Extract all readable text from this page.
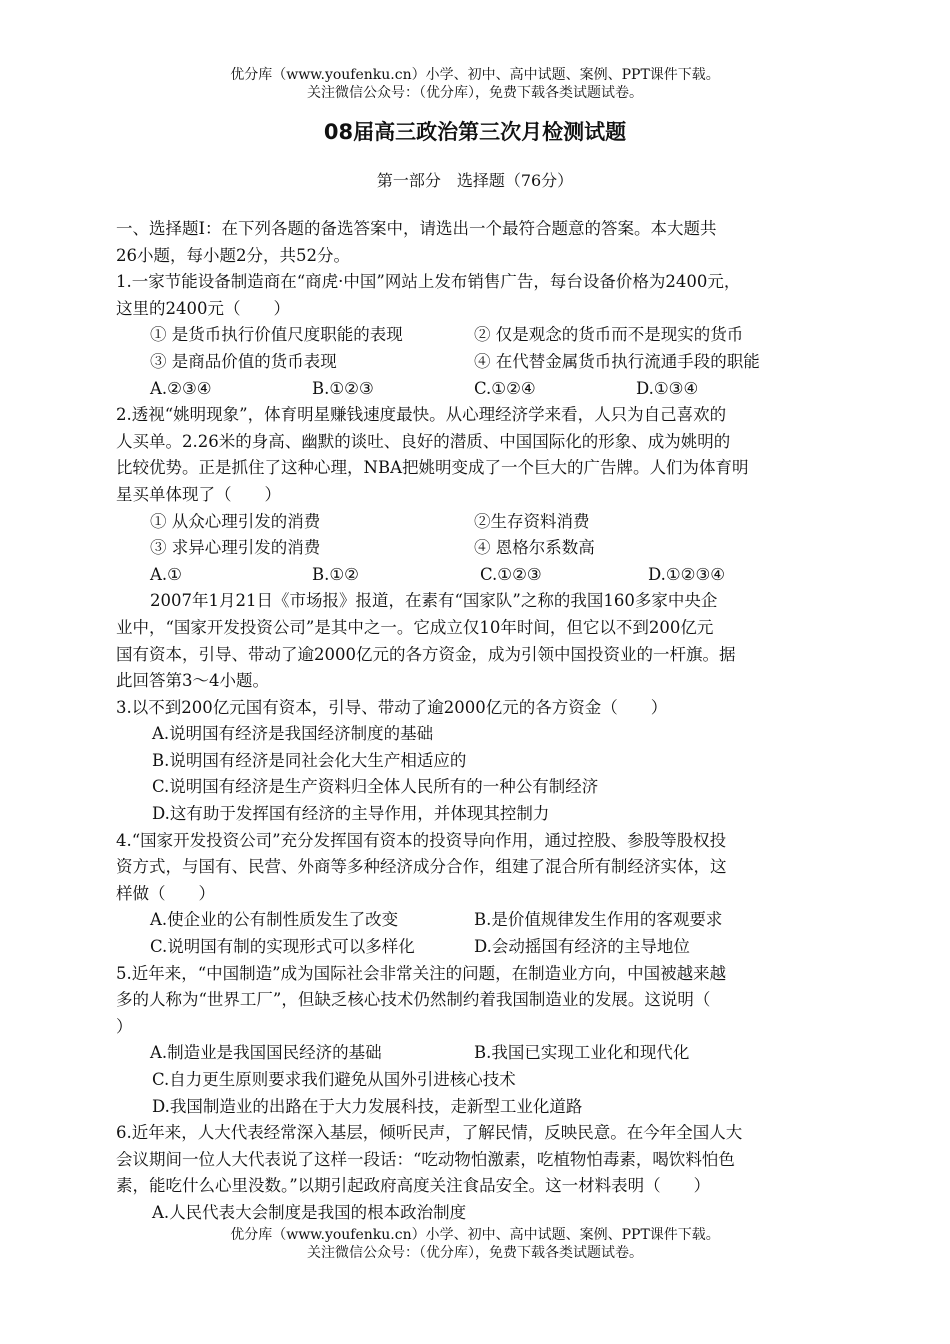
优分库（www.youfenku.cn）小学、初中、高中试题、案例、PPT课件下载。
关注微信公众号：（优分库），免费下载各类试题试卷。
08届高三政治第三次月检测试题
第一部分　选择题（76分）

一、选择题Ⅰ：在下列各题的备选答案中，请选出一个最符合题意的答案。本大题共

26小题，每小题2分，共52分。

1.一家节能设备制造商在“商虎·中国”网站上发布销售广告，每台设备价格为2400元，

这里的2400元（　　）

① 是货币执行价值尺度职能的表现	② 仅是观念的货币而不是现实的货币
③ 是商品价值的货币表现	④ 在代替金属货币执行流通手段的职能
A.②③④	B.①②③	C.①②④	D.①③④

2.透视“姚明现象”，体育明星赚钱速度最快。从心理经济学来看，人只为自己喜欢的

人买单。2.26米的身高、幽默的谈吐、良好的潜质、中国国际化的形象、成为姚明的

比较优势。正是抓住了这种心理，NBA把姚明变成了一个巨大的广告牌。人们为体育明

星买单体现了（　　）

① 从众心理引发的消费	②生存资料消费
③ 求异心理引发的消费	④ 恩格尔系数高
A.①	B.①②	C.①②③	D.①②③④

2007年1月21日《市场报》报道，在素有“国家队”之称的我国160多家中央企

业中，“国家开发投资公司”是其中之一。它成立仅10年时间，但它以不到200亿元

国有资本，引导、带动了逾2000亿元的各方资金，成为引领中国投资业的一杆旗。据

此回答第3～4小题。

3.以不到200亿元国有资本，引导、带动了逾2000亿元的各方资金（　　）

A.说明国有经济是我国经济制度的基础

B.说明国有经济是同社会化大生产相适应的

C.说明国有经济是生产资料归全体人民所有的一种公有制经济

D.这有助于发挥国有经济的主导作用，并体现其控制力

4.“国家开发投资公司”充分发挥国有资本的投资导向作用，通过控股、参股等股权投

资方式，与国有、民营、外商等多种经济成分合作，组建了混合所有制经济实体，这

样做（　　）

A.使企业的公有制性质发生了改变	B.是价值规律发生作用的客观要求
C.说明国有制的实现形式可以多样化	D.会动摇国有经济的主导地位

5.近年来，“中国制造”成为国际社会非常关注的问题，在制造业方向，中国被越来越

多的人称为“世界工厂”，但缺乏核心技术仍然制约着我国制造业的发展。这说明（

）

A.制造业是我国国民经济的基础	B.我国已实现工业化和现代化

C.自力更生原则要求我们避免从国外引进核心技术

D.我国制造业的出路在于大力发展科技，走新型工业化道路

6.近年来，人大代表经常深入基层，倾听民声，了解民情，反映民意。在今年全国人大

会议期间一位人大代表说了这样一段话：“吃动物怕激素，吃植物怕毒素，喝饮料怕色

素，能吃什么心里没数。”以期引起政府高度关注食品安全。这一材料表明（　　）

A.人民代表大会制度是我国的根本政治制度

优分库（www.youfenku.cn）小学、初中、高中试题、案例、PPT课件下载。
关注微信公众号：（优分库），免费下载各类试题试卷。
